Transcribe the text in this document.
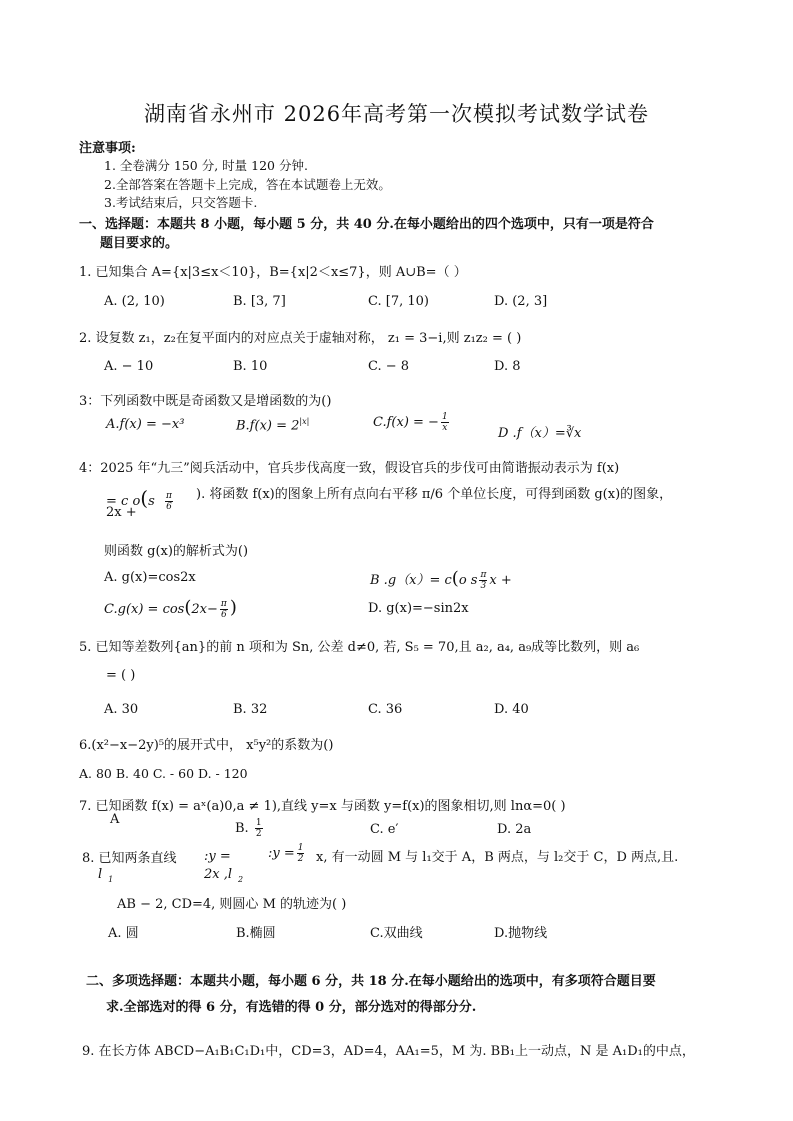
湖南省永州市 2026年高考第一次模拟考试数学试卷
注意事项:
1. 全卷满分 150 分, 时量 120 分钟.
2.全部答案在答题卡上完成，答在本试题卷上无效。
3.考试结束后，只交答题卡.
一、选择题：本题共 8 小题，每小题 5 分，共 40 分.在每小题给出的四个选项中，只有一项是符合
题目要求的。
1. 已知集合 A={x|3≤x＜10}，B={x|2＜x≤7}，则 A∪B=（ ）
A. (2, 10)	B. [3, 7]	C. [7, 10)	D. (2, 3]
2. 设复数 z₁，z₂在复平面内的对应点关于虚轴对称， z₁ = 3−i,则 z₁z₂ = ( )
A. − 10	B. 10	C. − 8	D. 8
3：下列函数中既是奇函数又是增函数的为()
A.f(x) = −x³	$B.f(x) = 2^{|x|}$	C.f(x) = − $\frac{1}{x}$
D .f（x）=∛x
4：2025 年“九三”阅兵活动中，官兵步伐高度一致，假设官兵的步伐可由简谐振动表示为 f(x)
= c $o(s \frac{\pi}{6}$ ). 将函数 f(x)的图象上所有点向右平移 π/6 个单位长度，可得到函数 g(x)的图象，
2x +
则函数 g(x)的解析式为()
A. g(x)=cos2x	B .g（x）= c(o s $\frac{\pi}{3}$ x +
$C.g(x) = \cos(2x- \frac{\pi}{6}$ )	D. g(x)=−sin2x
5. 已知等差数列{an}的前 n 项和为 Sn, 公差 d≠0, 若, S₅ = 70,且 a₂, a₄, a₉成等比数列，则 a₆
= ( )
A. 30	B. 32	C. 36	D. 40
6.(x²−x−2y)⁵的展开式中， x⁵y²的系数为()
A. 80 B. 40 C. - 60 D. - 120
7. 已知函数 f(x) = aˣ(a)0,a ≠ 1),直线 y=x 与函数 y=f(x)的图象相切,则 lnα=0( )
A
B. $\frac{1}{2}$	C. e′	D. 2a
8. 已知两条直线 :y =	:y = $\frac{1}{2} x$, 有一动圆 M 与 l₁交于 A，B 两点，与 l₂交于 C，D 两点,且.
l $_1$	2x ,l $_2$
AB − 2, CD=4, 则圆心 M 的轨迹为( )
A. 圆	B.椭圆	C.双曲线	D.抛物线
二、多项选择题：本题共小题，每小题 6 分，共 18 分.在每小题给出的选项中，有多项符合题目要
求.全部选对的得 6 分，有选错的得 0 分，部分选对的得部分分.
9. 在长方体 ABCD−A₁B₁C₁D₁中，CD=3，AD=4，AA₁=5，M 为. BB₁上一动点，N 是 A₁D₁的中点，
